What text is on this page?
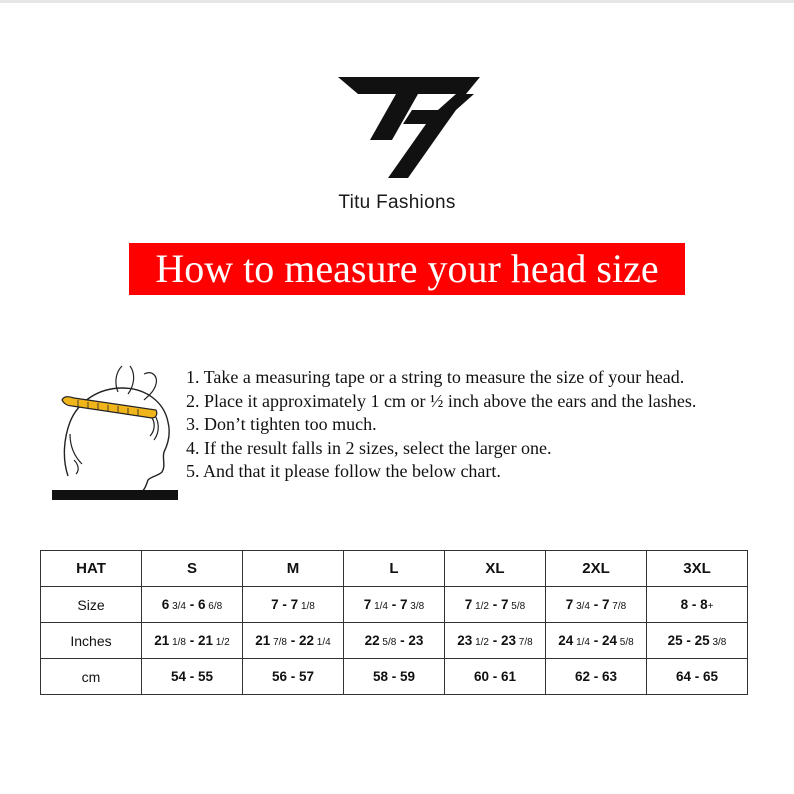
Titu Fashions
How to measure your head size
1. Take a measuring tape or a string to measure the size of your head.
2. Place it approximately 1 cm or ½ inch above the ears and the lashes.
3. Don’t tighten too much.
4. If the result falls in 2 sizes, select the larger one.
5. And that it please follow the below chart.
HAT	S	M	L	XL	2XL	3XL
Size	6 3/4 - 6 6/8	7 - 7 1/8	7 1/4 - 7 3/8	7 1/2 - 7 5/8	7 3/4 - 7 7/8	8 - 8+
Inches	21 1/8 - 21 1/2	21 7/8 - 22 1/4	22 5/8 - 23	23 1/2 - 23 7/8	24 1/4 - 24 5/8	25 - 25 3/8
cm	54 - 55	56 - 57	58 - 59	60 - 61	62 - 63	64 - 65
